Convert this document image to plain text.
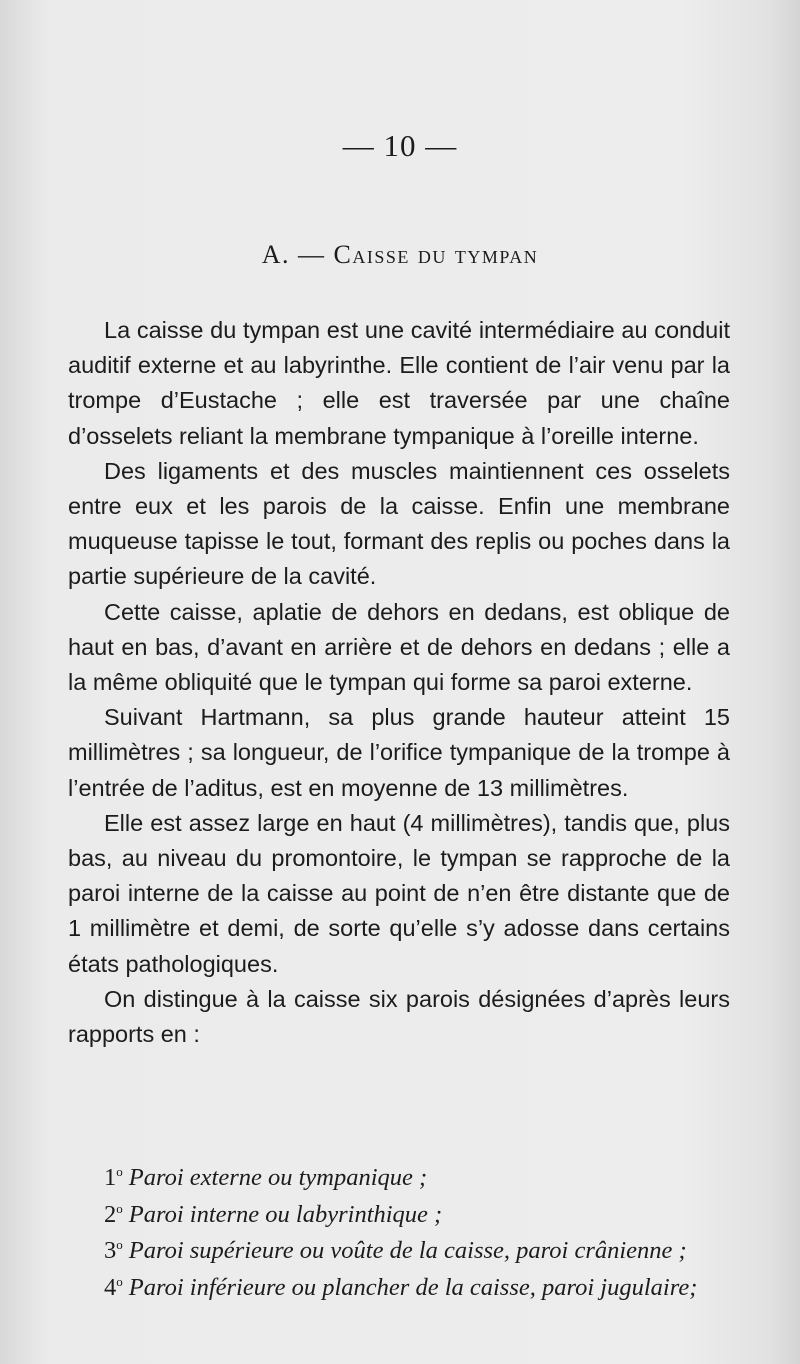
— 10 —
A. — Caisse du tympan

La caisse du tympan est une cavité intermédiaire au conduit auditif externe et au labyrinthe. Elle contient de l’air venu par la trompe d’Eustache ; elle est traversée par une chaîne d’osselets reliant la membrane tympanique à l’oreille interne.

Des ligaments et des muscles maintiennent ces osselets entre eux et les parois de la caisse. Enfin une membrane muqueuse tapisse le tout, formant des replis ou poches dans la partie supérieure de la cavité.

Cette caisse, aplatie de dehors en dedans, est oblique de haut en bas, d’avant en arrière et de dehors en dedans ; elle a la même obliquité que le tympan qui forme sa paroi externe.

Suivant Hartmann, sa plus grande hauteur atteint 15 millimètres ; sa longueur, de l’orifice tympanique de la trompe à l’entrée de l’aditus, est en moyenne de 13 millimètres.

Elle est assez large en haut (4 millimètres), tandis que, plus bas, au niveau du promontoire, le tympan se rapproche de la paroi interne de la caisse au point de n’en être distante que de 1 millimètre et demi, de sorte qu’elle s’y adosse dans certains états pathologiques.

On distingue à la caisse six parois désignées d’après leurs rapports en :

1$^o$ Paroi externe ou tympanique ;
2$^o$ Paroi interne ou labyrinthique ;
3$^o$ Paroi supérieure ou voûte de la caisse, paroi crânienne ;
4$^o$ Paroi inférieure ou plancher de la caisse, paroi jugulaire;
